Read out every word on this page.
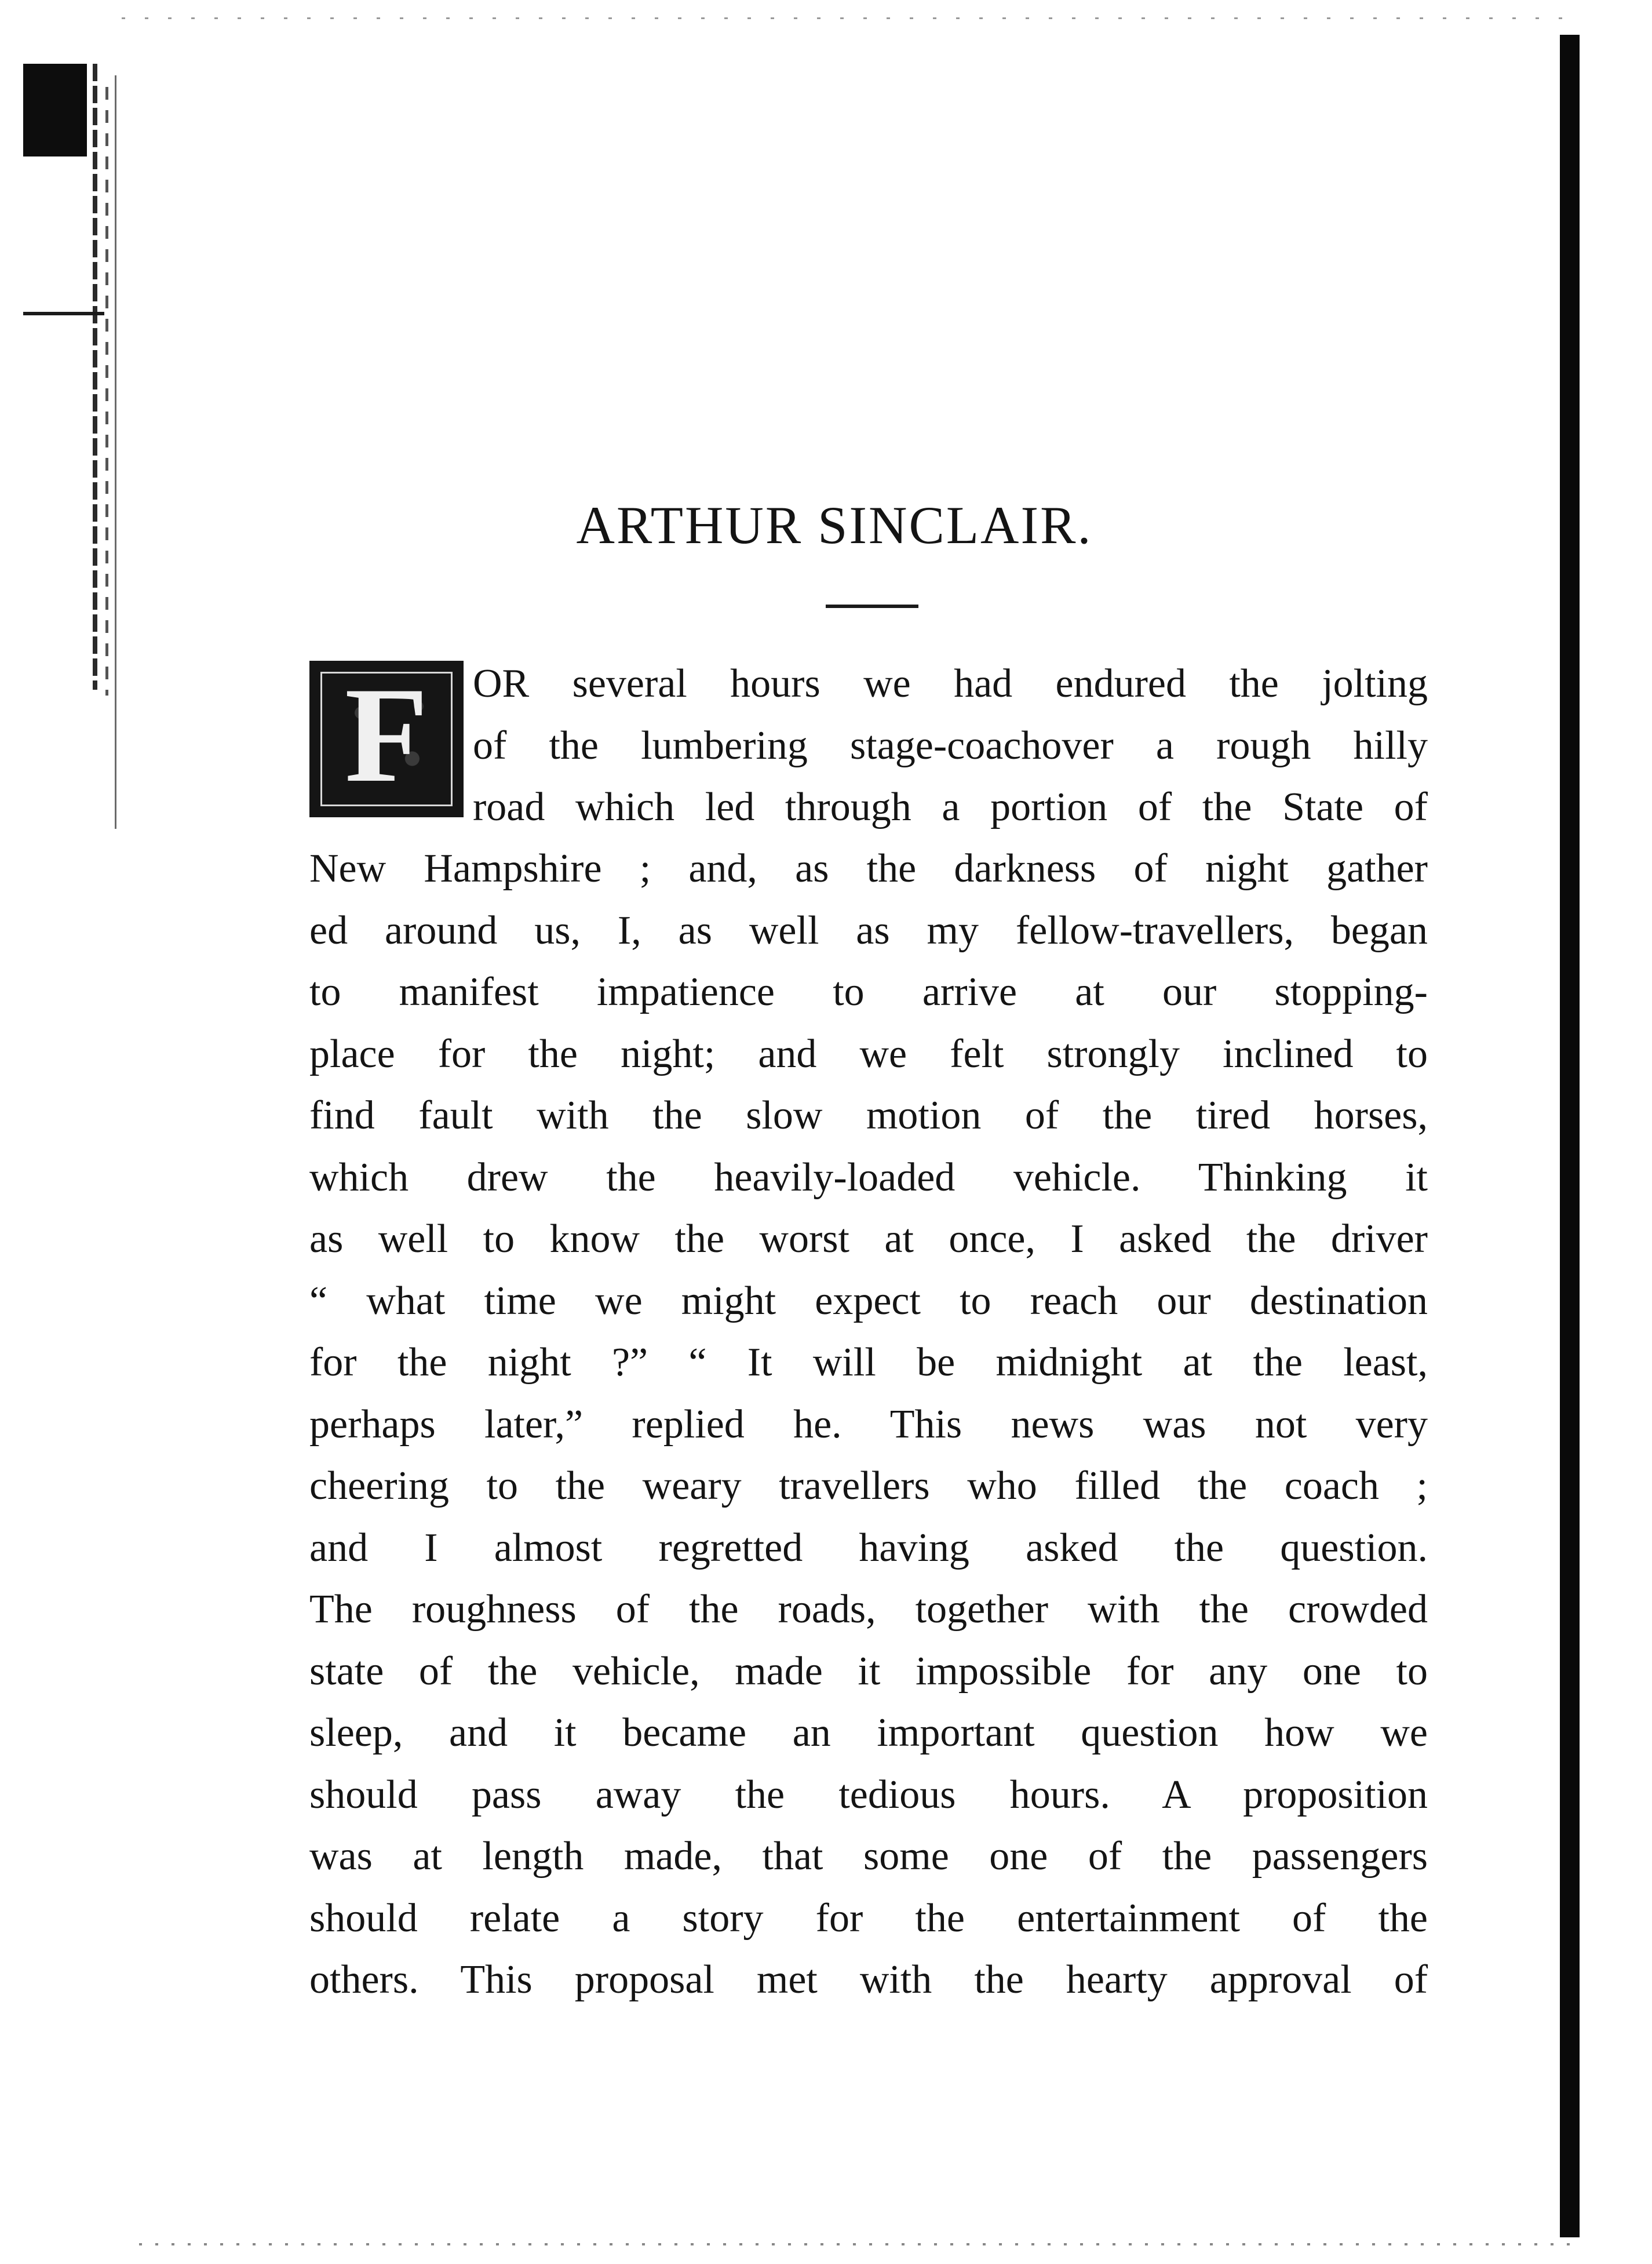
ARTHUR SINCLAIR.
F	OR several hours we had endured the jolting
of the lumbering stage-coachover a rough hilly
road which led through a portion of the State of
New Hampshire ; and, as the darkness of night gather
ed around us, I, as well as my fellow-travellers, began
to manifest impatience to arrive at our stopping-
place for the night; and we felt strongly inclined to
find fault with the slow motion of the tired horses,
which drew the heavily-loaded vehicle. Thinking it
as well to know the worst at once, I asked the driver
“ what time we might expect to reach our destination
for the night ?” “ It will be midnight at the least,
perhaps later,” replied he. This news was not very
cheering to the weary travellers who filled the coach ;
and I almost regretted having asked the question.
The roughness of the roads, together with the crowded
state of the vehicle, made it impossible for any one to
sleep, and it became an important question how we
should pass away the tedious hours. A proposition
was at length made, that some one of the passengers
should relate a story for the entertainment of the
others. This proposal met with the hearty approval of
